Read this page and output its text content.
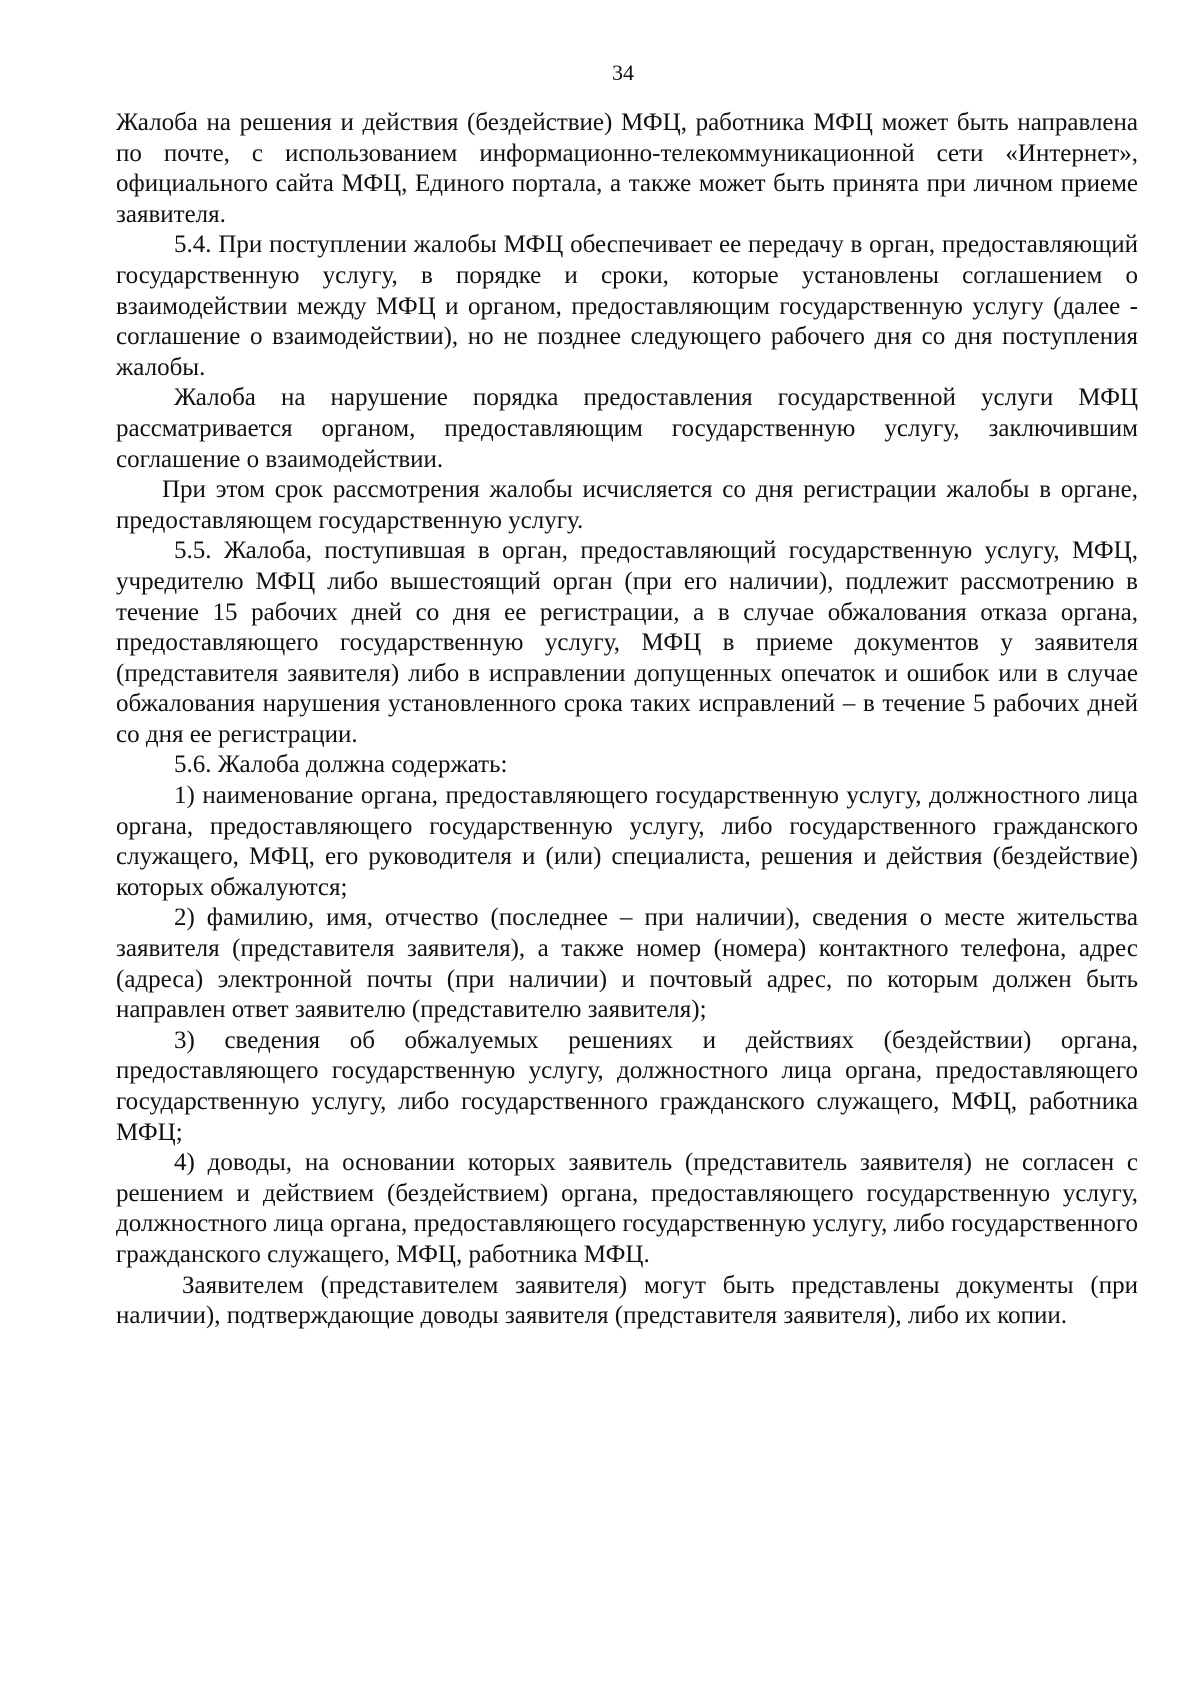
34

Жалоба на решения и действия (бездействие) МФЦ, работника МФЦ может быть направлена по почте, с использованием информационно-телекоммуникационной сети «Интернет», официального сайта МФЦ, Единого портала, а также может быть принята при личном приеме заявителя.

5.4. При поступлении жалобы МФЦ обеспечивает ее передачу в орган, предоставляющий государственную услугу, в порядке и сроки, которые установлены соглашением о взаимодействии между МФЦ и органом, предоставляющим государственную услугу (далее - соглашение о взаимодействии), но не позднее следующего рабочего дня со дня поступления жалобы.

Жалоба на нарушение порядка предоставления государственной услуги МФЦ рассматривается органом, предоставляющим государственную услугу, заключившим соглашение о взаимодействии.

При этом срок рассмотрения жалобы исчисляется со дня регистрации жалобы в органе, предоставляющем государственную услугу.

5.5. Жалоба, поступившая в орган, предоставляющий государственную услугу, МФЦ, учредителю МФЦ либо вышестоящий орган (при его наличии), подлежит рассмотрению в течение 15 рабочих дней со дня ее регистрации, а в случае обжалования отказа органа, предоставляющего государственную услугу, МФЦ в приеме документов у заявителя (представителя заявителя) либо в исправлении допущенных опечаток и ошибок или в случае обжалования нарушения установленного срока таких исправлений – в течение 5 рабочих дней со дня ее регистрации.

5.6. Жалоба должна содержать:

1) наименование органа, предоставляющего государственную услугу, должностного лица органа, предоставляющего государственную услугу, либо государственного гражданского служащего, МФЦ, его руководителя и (или) специалиста, решения и действия (бездействие) которых обжалуются;

2) фамилию, имя, отчество (последнее – при наличии), сведения о месте жительства заявителя (представителя заявителя), а также номер (номера) контактного телефона, адрес (адреса) электронной почты (при наличии) и почтовый адрес, по которым должен быть направлен ответ заявителю (представителю заявителя);

3) сведения об обжалуемых решениях и действиях (бездействии) органа, предоставляющего государственную услугу, должностного лица органа, предоставляющего государственную услугу, либо государственного гражданского служащего, МФЦ, работника МФЦ;

4) доводы, на основании которых заявитель (представитель заявителя) не согласен с решением и действием (бездействием) органа, предоставляющего государственную услугу, должностного лица органа, предоставляющего государственную услугу, либо государственного гражданского служащего, МФЦ, работника МФЦ.

Заявителем (представителем заявителя) могут быть представлены документы (при наличии), подтверждающие доводы заявителя (представителя заявителя), либо их копии.
